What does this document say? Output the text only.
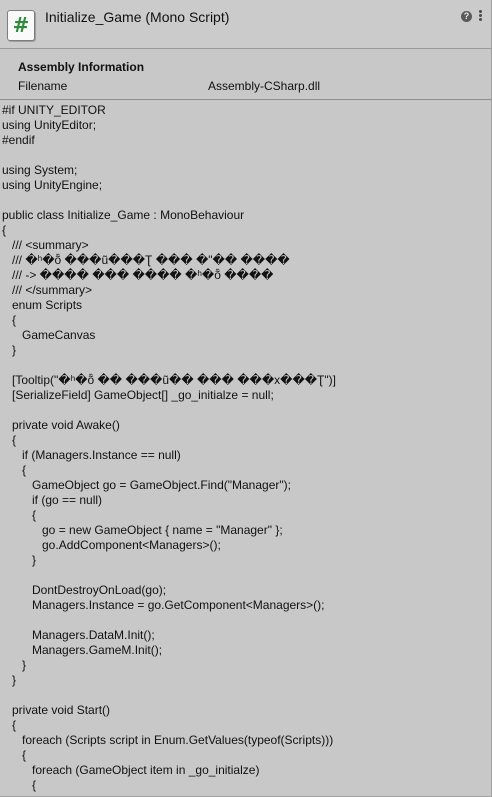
#	Initialize_Game (Mono Script)	?
Assembly Information
Filename	Assembly-CSharp.dll
#if UNITY_EDITOR
using UnityEditor;
#endif
using System;
using UnityEngine;
public class Initialize_Game : MonoBehaviour
{
/// <summary>
/// �ʰ�ȭ ���ũ���Ʈ ��� �"�� ����
/// -> ���� ��� ���� �ʰ�ȭ ����
/// </summary>
enum Scripts
{
GameCanvas
}
[Tooltip("�ʰ�ȭ �� ���ũ�� ��� ���x���Ʈ")]
[SerializeField] GameObject[] _go_initialze = null;
private void Awake()
{
if (Managers.Instance == null)
{
GameObject go = GameObject.Find("Manager");
if (go == null)
{
go = new GameObject { name = "Manager" };
go.AddComponent<Managers>();
}
DontDestroyOnLoad(go);
Managers.Instance = go.GetComponent<Managers>();
Managers.DataM.Init();
Managers.GameM.Init();
}
}
private void Start()
{
foreach (Scripts script in Enum.GetValues(typeof(Scripts)))
{
foreach (GameObject item in _go_initialze)
{
